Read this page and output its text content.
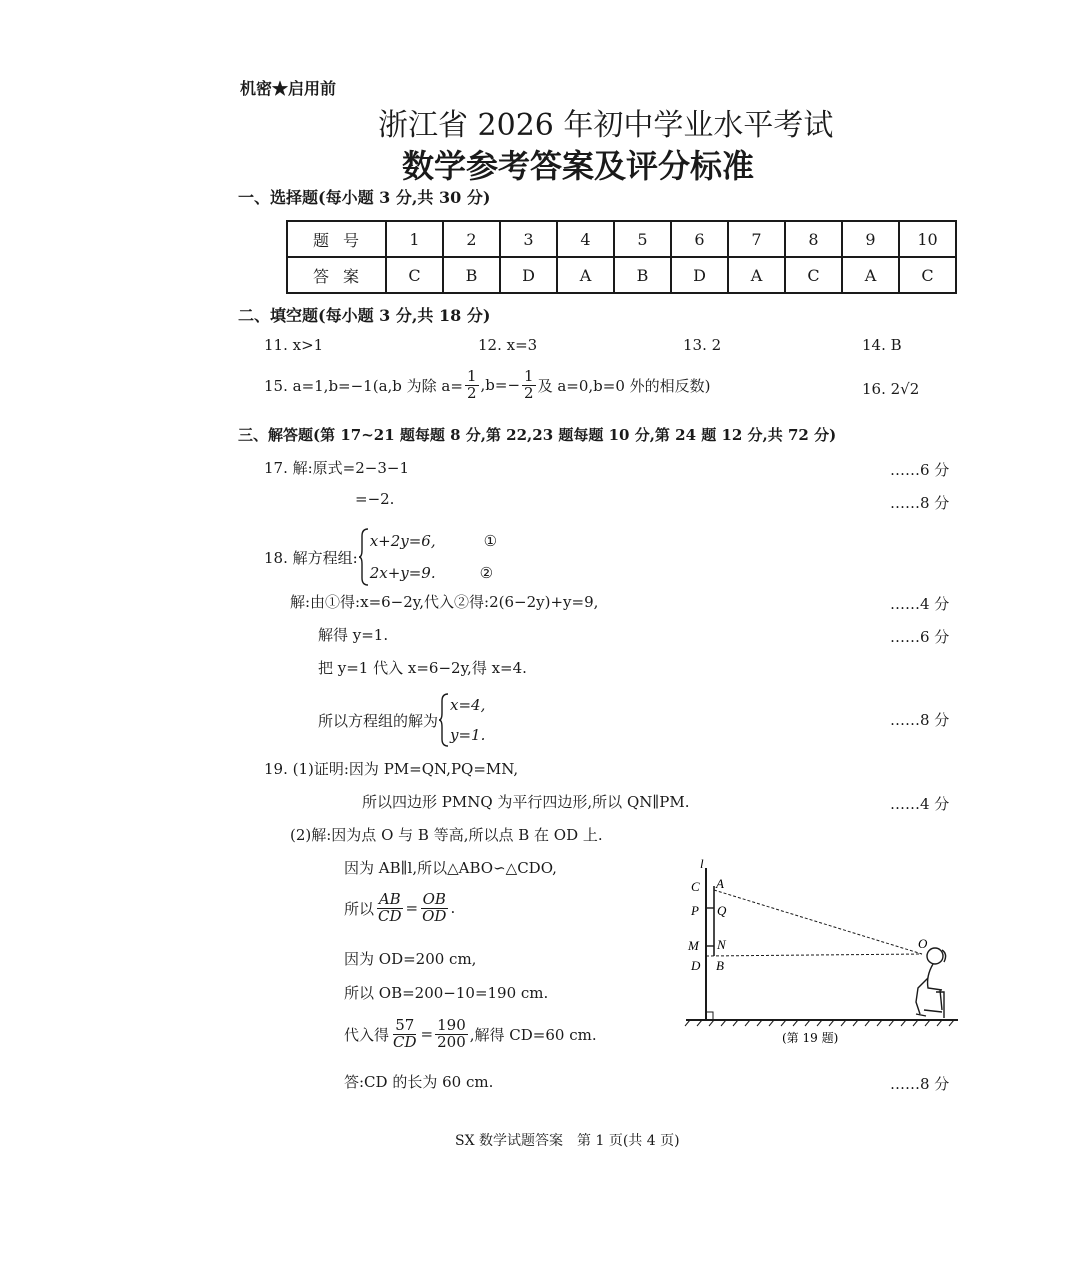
机密★启用前
浙江省 2026 年初中学业水平考试
数学参考答案及评分标准
一、选择题(每小题 3 分,共 30 分)
题号	1	2	3	4	5	6	7	8	9	10
答案	C	B	D	A	B	D	A	C	A	C
二、填空题(每小题 3 分,共 18 分)
11. x>1	12. x=3	13. 2	14. B
15. a=1,b=−1(a,b 为除 $a= \frac{1}{2} ,b=- \frac{1}{2}$ 及 a=0,b=0 外的相反数)	16. 2√2
三、解答题(第 17~21 题每题 8 分,第 22,23 题每题 10 分,第 24 题 12 分,共 72 分)
17. 解:原式=2−3−1	……6 分
=−2.	……8 分
18. 解方程组:
x+2y=6,	①
2x+y=9.	②
解:由①得:x=6−2y,代入②得:2(6−2y)+y=9,	……4 分
解得 y=1.	……6 分
把 y=1 代入 x=6−2y,得 x=4.
所以方程组的解为
x=4,
y=1.
……8 分
19. (1)证明:因为 PM=QN,PQ=MN,
所以四边形 PMNQ 为平行四边形,所以 QN∥PM.	……4 分
(2)解:因为点 O 与 B 等高,所以点 B 在 OD 上.
因为 AB∥l,所以△ABO∽△CDO,
所以 $\frac{AB}{CD} = \frac{OB}{OD}$ .
因为 OD=200 cm,
所以 OB=200−10=190 cm.
代入得 $\frac{57}{CD} = \frac{190}{200}$ ,解得 CD=60 cm.
答:CD 的长为 60 cm.	……8 分
l
C A
P Q
M N
D B
O
(第 19 题)
SX 数学试题答案　第 1 页(共 4 页)
